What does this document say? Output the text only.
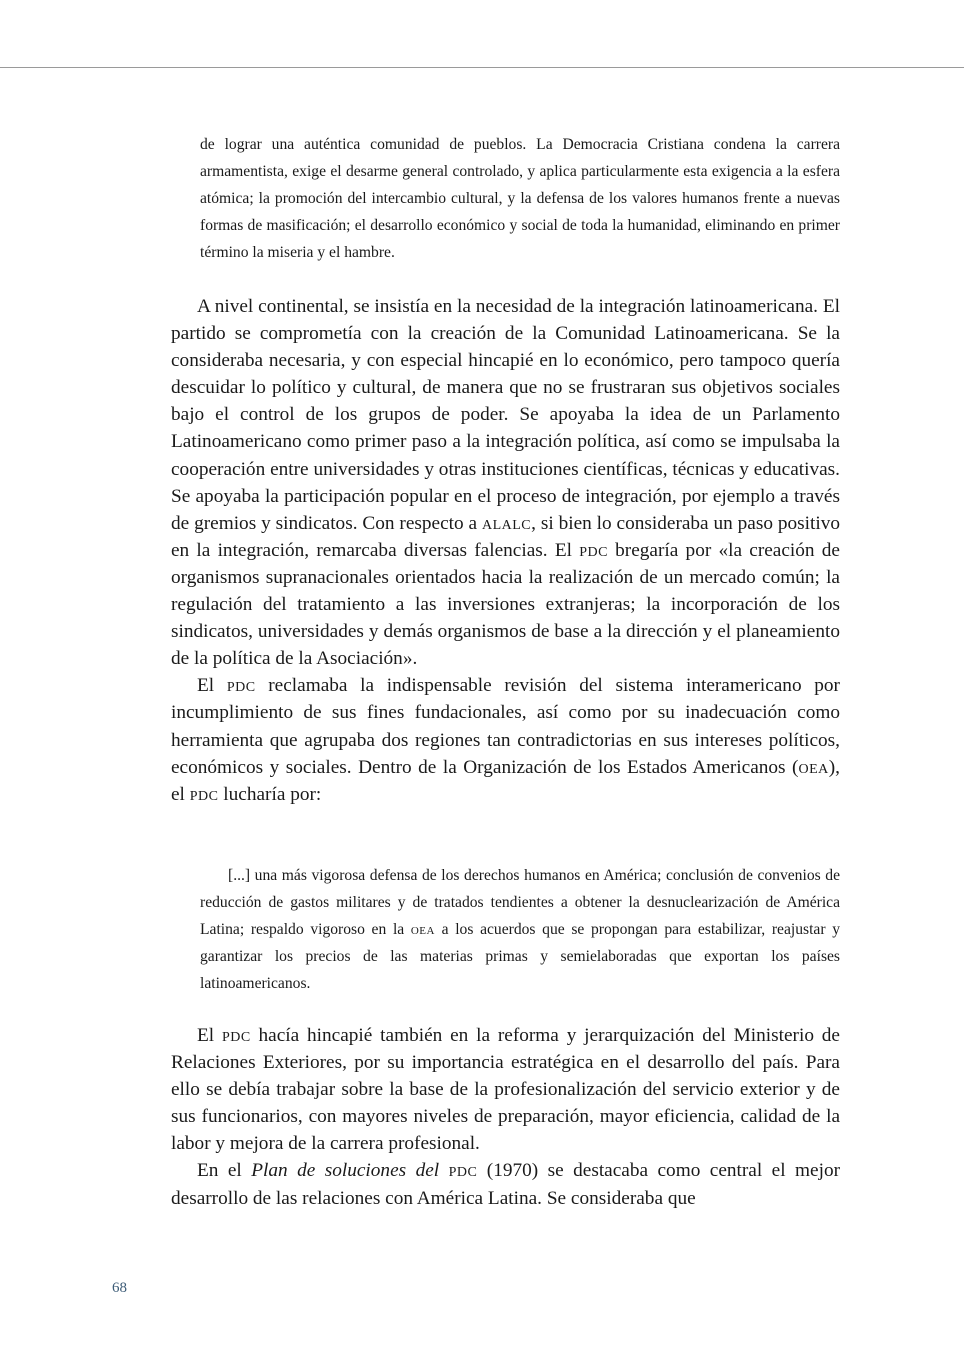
de lograr una auténtica comunidad de pueblos. La Democracia Cristiana condena la carrera armamentista, exige el desarme general controlado, y aplica particularmente esta exigencia a la esfera atómica; la promoción del intercambio cultural, y la defensa de los valores humanos frente a nuevas formas de masificación; el desarrollo económico y social de toda la humanidad, eliminando en primer término la miseria y el hambre.

A nivel continental, se insistía en la necesidad de la integración latinoamericana. El partido se comprometía con la creación de la Comunidad Latinoamericana. Se la consideraba necesaria, y con especial hincapié en lo económico, pero tampoco quería descuidar lo político y cultural, de manera que no se frustraran sus objetivos sociales bajo el control de los grupos de poder. Se apoyaba la idea de un Parlamento Latinoamericano como primer paso a la integración política, así como se impulsaba la cooperación entre universidades y otras instituciones científicas, técnicas y educativas. Se apoyaba la participación popular en el proceso de integración, por ejemplo a través de gremios y sindicatos. Con respecto a alalc, si bien lo consideraba un paso positivo en la integración, remarcaba diversas falencias. El pdc bregaría por «la creación de organismos supranacionales orientados hacia la realización de un mercado común; la regulación del tratamiento a las inversiones extranjeras; la incorporación de los sindicatos, universidades y demás organismos de base a la dirección y el planeamiento de la política de la Asociación».

El pdc reclamaba la indispensable revisión del sistema interamericano por incumplimiento de sus fines fundacionales, así como por su inadecuación como herramienta que agrupaba dos regiones tan contradictorias en sus intereses políticos, económicos y sociales. Dentro de la Organización de los Estados Americanos (oea), el pdc lucharía por:

[...] una más vigorosa defensa de los derechos humanos en América; conclusión de convenios de reducción de gastos militares y de tratados tendientes a obtener la desnuclearización de América Latina; respaldo vigoroso en la oea a los acuerdos que se propongan para estabilizar, reajustar y garantizar los precios de las materias primas y semielaboradas que exportan los países latinoamericanos.

El pdc hacía hincapié también en la reforma y jerarquización del Ministerio de Relaciones Exteriores, por su importancia estratégica en el desarrollo del país. Para ello se debía trabajar sobre la base de la profesionalización del servicio exterior y de sus funcionarios, con mayores niveles de preparación, mayor eficiencia, calidad de la labor y mejora de la carrera profesional.

En el Plan de soluciones del pdc (1970) se destacaba como central el mejor desarrollo de las relaciones con América Latina. Se consideraba que

68
